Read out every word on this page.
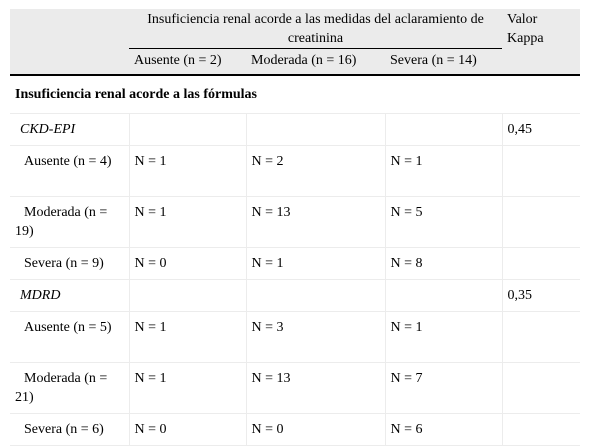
	Insuficiencia renal acorde a las medidas del aclaramiento de creatinina			Valor Kappa
	Ausente (n = 2)	Moderada (n = 16)	Severa (n = 14)	
Insuficiencia renal acorde a las fórmulas				
CKD-EPI				0,45
Ausente (n = 4)	N = 1	N = 2	N = 1	
Moderada (n = 19)	N = 1	N = 13	N = 5	
Severa (n = 9)	N = 0	N = 1	N = 8	
MDRD				0,35
Ausente (n = 5)	N = 1	N = 3	N = 1	
Moderada (n = 21)	N = 1	N = 13	N = 7	
Severa (n = 6)	N = 0	N = 0	N = 6	
